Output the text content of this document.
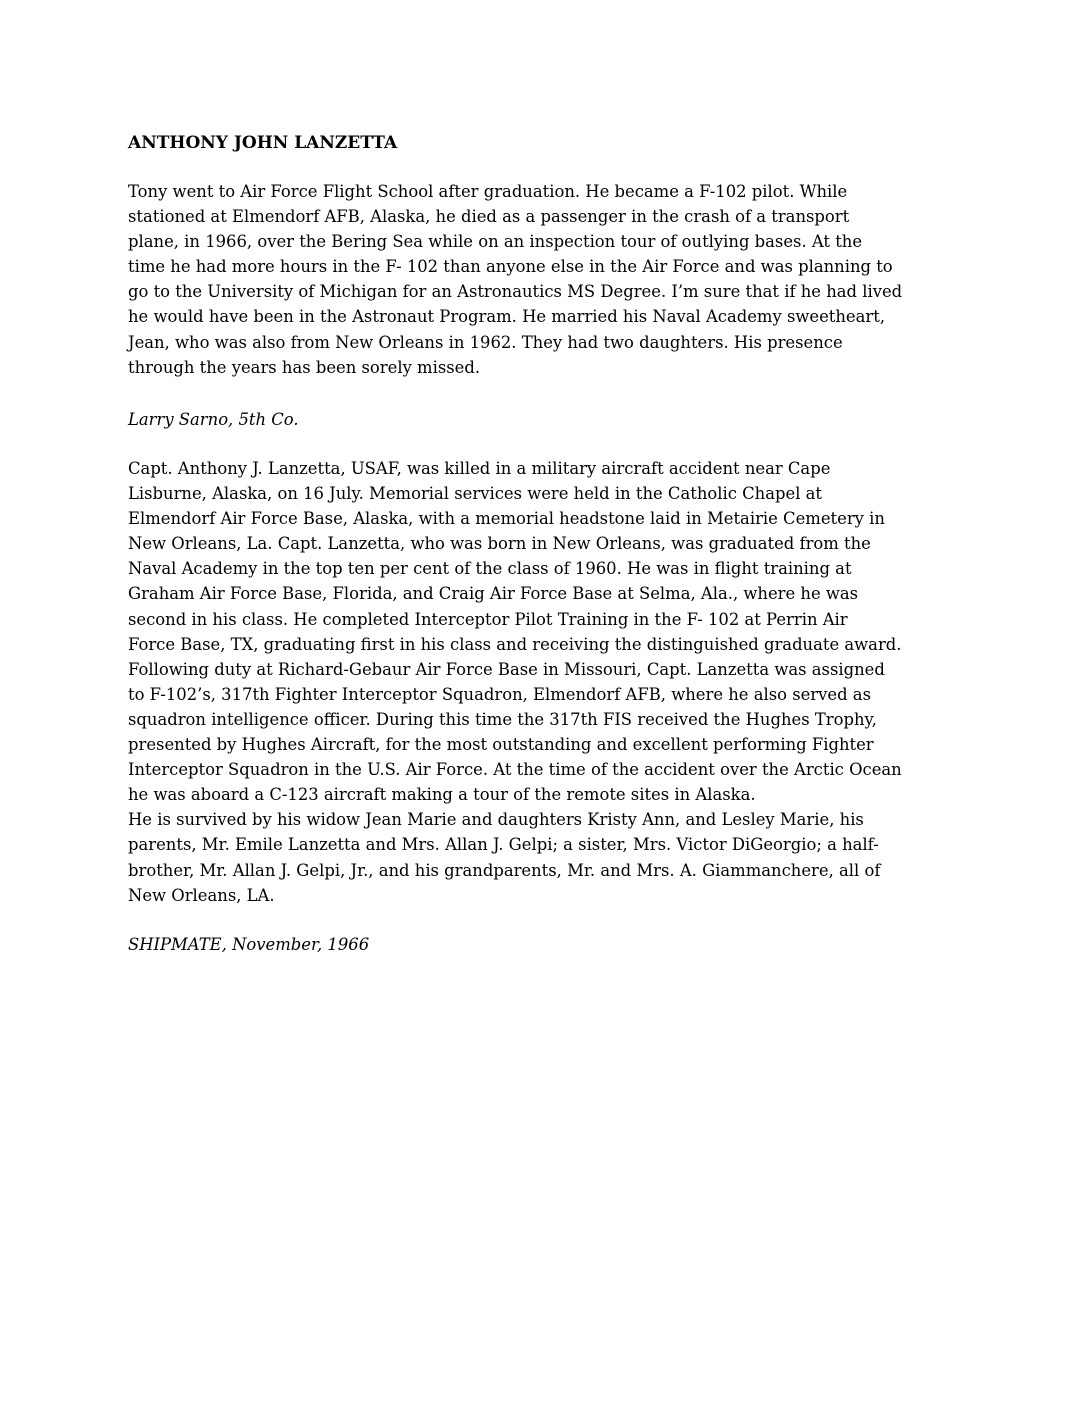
ANTHONY JOHN LANZETTA

Tony went to Air Force Flight School after graduation. He became a F-102 pilot. While
stationed at Elmendorf AFB, Alaska, he died as a passenger in the crash of a transport
plane, in 1966, over the Bering Sea while on an inspection tour of outlying bases. At the
time he had more hours in the F- 102 than anyone else in the Air Force and was planning to
go to the University of Michigan for an Astronautics MS Degree. I’m sure that if he had lived
he would have been in the Astronaut Program. He married his Naval Academy sweetheart,
Jean, who was also from New Orleans in 1962. They had two daughters. His presence
through the years has been sorely missed.

Larry Sarno, 5th Co.

Capt. Anthony J. Lanzetta, USAF, was killed in a military aircraft accident near Cape
Lisburne, Alaska, on 16 July. Memorial services were held in the Catholic Chapel at
Elmendorf Air Force Base, Alaska, with a memorial headstone laid in Metairie Cemetery in
New Orleans, La. Capt. Lanzetta, who was born in New Orleans, was graduated from the
Naval Academy in the top ten per cent of the class of 1960. He was in flight training at
Graham Air Force Base, Florida, and Craig Air Force Base at Selma, Ala., where he was
second in his class. He completed Interceptor Pilot Training in the F- 102 at Perrin Air
Force Base, TX, graduating first in his class and receiving the distinguished graduate award.
Following duty at Richard-Gebaur Air Force Base in Missouri, Capt. Lanzetta was assigned
to F-102’s, 317th Fighter Interceptor Squadron, Elmendorf AFB, where he also served as
squadron intelligence officer. During this time the 317th FIS received the Hughes Trophy,
presented by Hughes Aircraft, for the most outstanding and excellent performing Fighter
Interceptor Squadron in the U.S. Air Force. At the time of the accident over the Arctic Ocean
he was aboard a C-123 aircraft making a tour of the remote sites in Alaska.
He is survived by his widow Jean Marie and daughters Kristy Ann, and Lesley Marie, his
parents, Mr. Emile Lanzetta and Mrs. Allan J. Gelpi; a sister, Mrs. Victor DiGeorgio; a half-
brother, Mr. Allan J. Gelpi, Jr., and his grandparents, Mr. and Mrs. A. Giammanchere, all of
New Orleans, LA.

SHIPMATE, November, 1966
